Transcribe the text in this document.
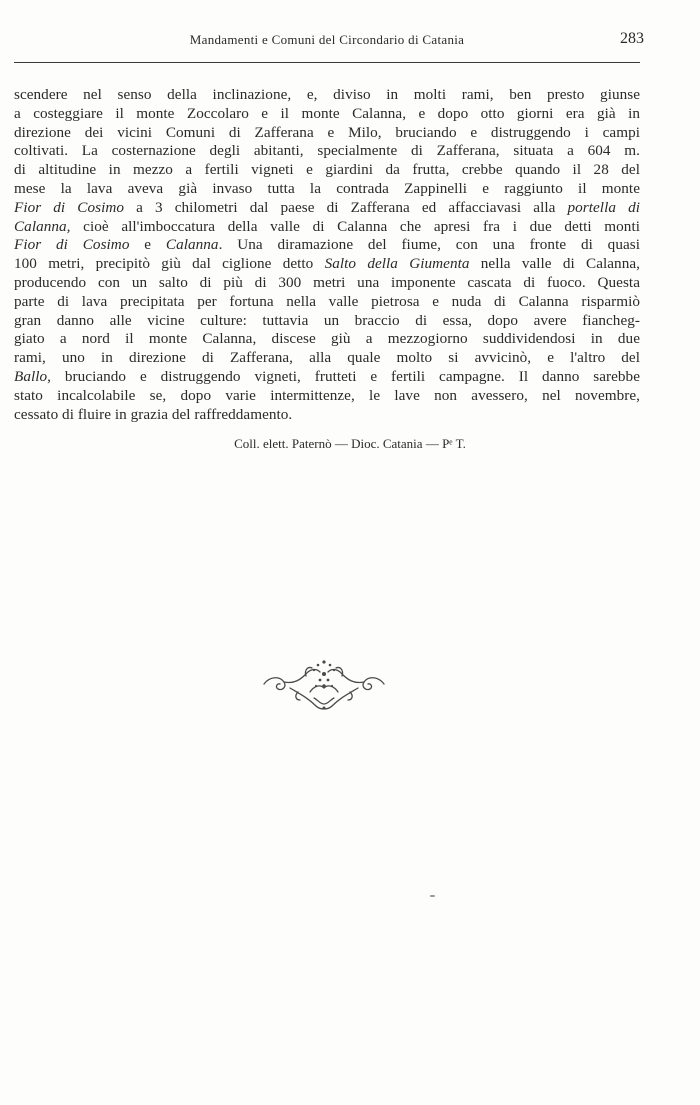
Mandamenti e Comuni del Circondario di Catania	283
scendere nel senso della inclinazione, e, diviso in molti rami, ben presto giunse
a costeggiare il monte Zoccolaro e il monte Calanna, e dopo otto giorni era già in
direzione dei vicini Comuni di Zafferana e Milo, bruciando e distruggendo i campi
coltivati. La costernazione degli abitanti, specialmente di Zafferana, situata a 604 m.
di altitudine in mezzo a fertili vigneti e giardini da frutta, crebbe quando il 28 del
mese la lava aveva già invaso tutta la contrada Zappinelli e raggiunto il monte
Fior di Cosimo a 3 chilometri dal paese di Zafferana ed affacciavasi alla portella di
Calanna, cioè all'imboccatura della valle di Calanna che apresi fra i due detti monti
Fior di Cosimo e Calanna. Una diramazione del fiume, con una fronte di quasi
100 metri, precipitò giù dal ciglione detto Salto della Giumenta nella valle di Calanna,
producendo con un salto di più di 300 metri una imponente cascata di fuoco. Questa
parte di lava precipitata per fortuna nella valle pietrosa e nuda di Calanna risparmiò
gran danno alle vicine culture: tuttavia un braccio di essa, dopo avere fiancheg-
giato a nord il monte Calanna, discese giù a mezzogiorno suddividendosi in due
rami, uno in direzione di Zafferana, alla quale molto si avvicinò, e l'altro del
Ballo, bruciando e distruggendo vigneti, frutteti e fertili campagne. Il danno sarebbe
stato incalcolabile se, dopo varie intermittenze, le lave non avessero, nel novembre,
cessato di fluire in grazia del raffreddamento.
Coll. elett. Paternò — Dioc. Catania — Pᵉ T.
